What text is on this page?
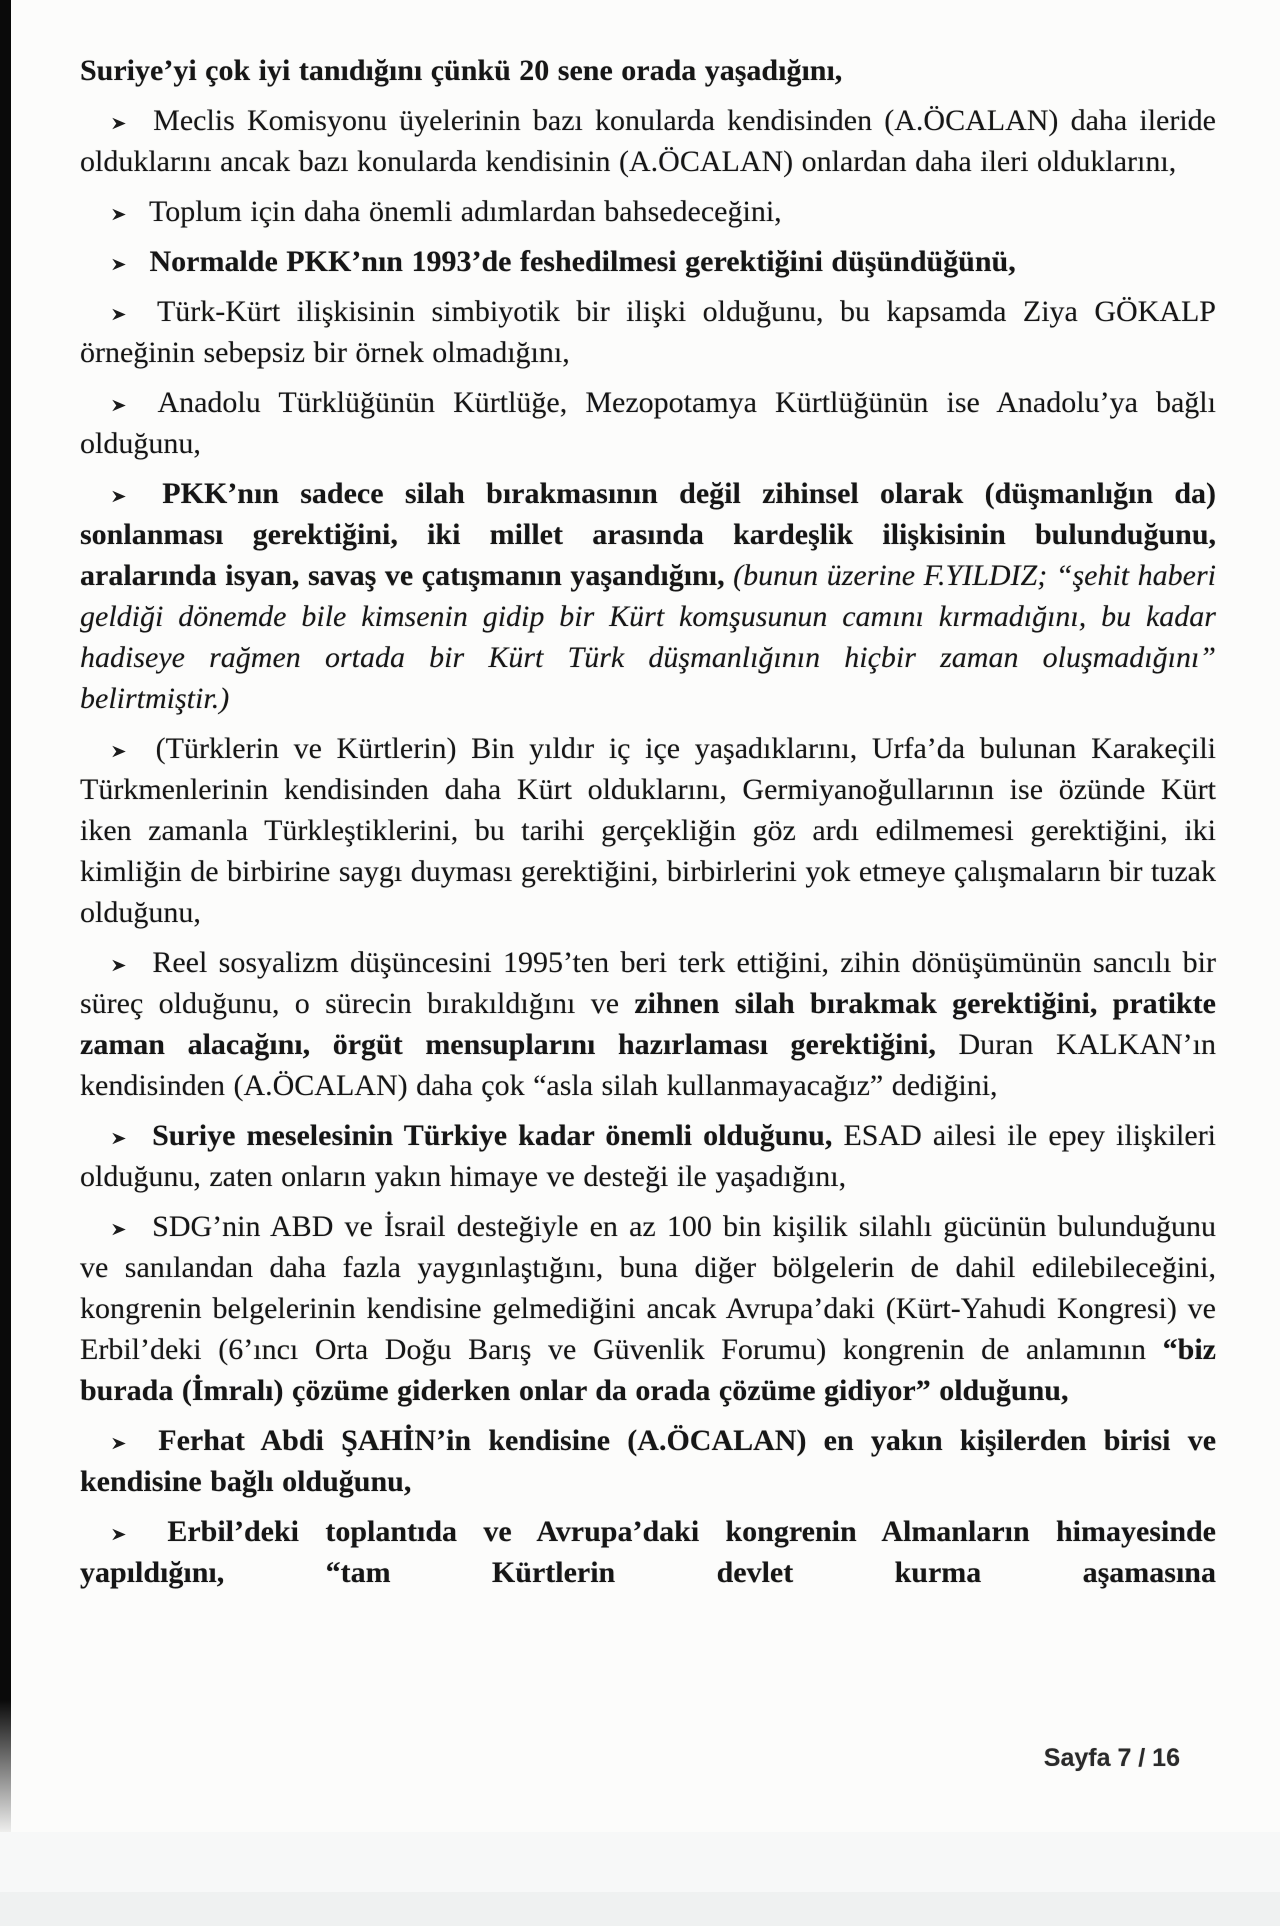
Suriye’yi çok iyi tanıdığını çünkü 20 sene orada yaşadığını,
Meclis Komisyonu üyelerinin bazı konularda kendisinden (A.ÖCALAN) daha ileride olduklarını ancak bazı konularda kendisinin (A.ÖCALAN) onlardan daha ileri olduklarını,
Toplum için daha önemli adımlardan bahsedeceğini,
Normalde PKK’nın 1993’de feshedilmesi gerektiğini düşündüğünü,
Türk-Kürt ilişkisinin simbiyotik bir ilişki olduğunu, bu kapsamda Ziya GÖKALP örneğinin sebepsiz bir örnek olmadığını,
Anadolu Türklüğünün Kürtlüğe, Mezopotamya Kürtlüğünün ise Anadolu’ya bağlı olduğunu,
PKK’nın sadece silah bırakmasının değil zihinsel olarak (düşmanlığın da) sonlanması gerektiğini, iki millet arasında kardeşlik ilişkisinin bulunduğunu, aralarında isyan, savaş ve çatışmanın yaşandığını, (bunun üzerine F.YILDIZ; “şehit haberi geldiği dönemde bile kimsenin gidip bir Kürt komşusunun camını kırmadığını, bu kadar hadiseye rağmen ortada bir Kürt Türk düşmanlığının hiçbir zaman oluşmadığını” belirtmiştir.)
(Türklerin ve Kürtlerin) Bin yıldır iç içe yaşadıklarını, Urfa’da bulunan Karakeçili Türkmenlerinin kendisinden daha Kürt olduklarını, Germiyanoğullarının ise özünde Kürt iken zamanla Türkleştiklerini, bu tarihi gerçekliğin göz ardı edilmemesi gerektiğini, iki kimliğin de birbirine saygı duyması gerektiğini, birbirlerini yok etmeye çalışmaların bir tuzak olduğunu,
Reel sosyalizm düşüncesini 1995’ten beri terk ettiğini, zihin dönüşümünün sancılı bir süreç olduğunu, o sürecin bırakıldığını ve zihnen silah bırakmak gerektiğini, pratikte zaman alacağını, örgüt mensuplarını hazırlaması gerektiğini, Duran KALKAN’ın kendisinden (A.ÖCALAN) daha çok “asla silah kullanmayacağız” dediğini,
Suriye meselesinin Türkiye kadar önemli olduğunu, ESAD ailesi ile epey ilişkileri olduğunu, zaten onların yakın himaye ve desteği ile yaşadığını,
SDG’nin ABD ve İsrail desteğiyle en az 100 bin kişilik silahlı gücünün bulunduğunu ve sanılandan daha fazla yaygınlaştığını, buna diğer bölgelerin de dahil edilebileceğini, kongrenin belgelerinin kendisine gelmediğini ancak Avrupa’daki (Kürt-Yahudi Kongresi) ve Erbil’deki (6’ıncı Orta Doğu Barış ve Güvenlik Forumu) kongrenin de anlamının “biz burada (İmralı) çözüme giderken onlar da orada çözüme gidiyor” olduğunu,
Ferhat Abdi ŞAHİN’in kendisine (A.ÖCALAN) en yakın kişilerden birisi ve kendisine bağlı olduğunu,
Erbil’deki toplantıda ve Avrupa’daki kongrenin Almanların himayesinde yapıldığını, “tam Kürtlerin devlet kurma aşamasına
Sayfa 7 / 16
